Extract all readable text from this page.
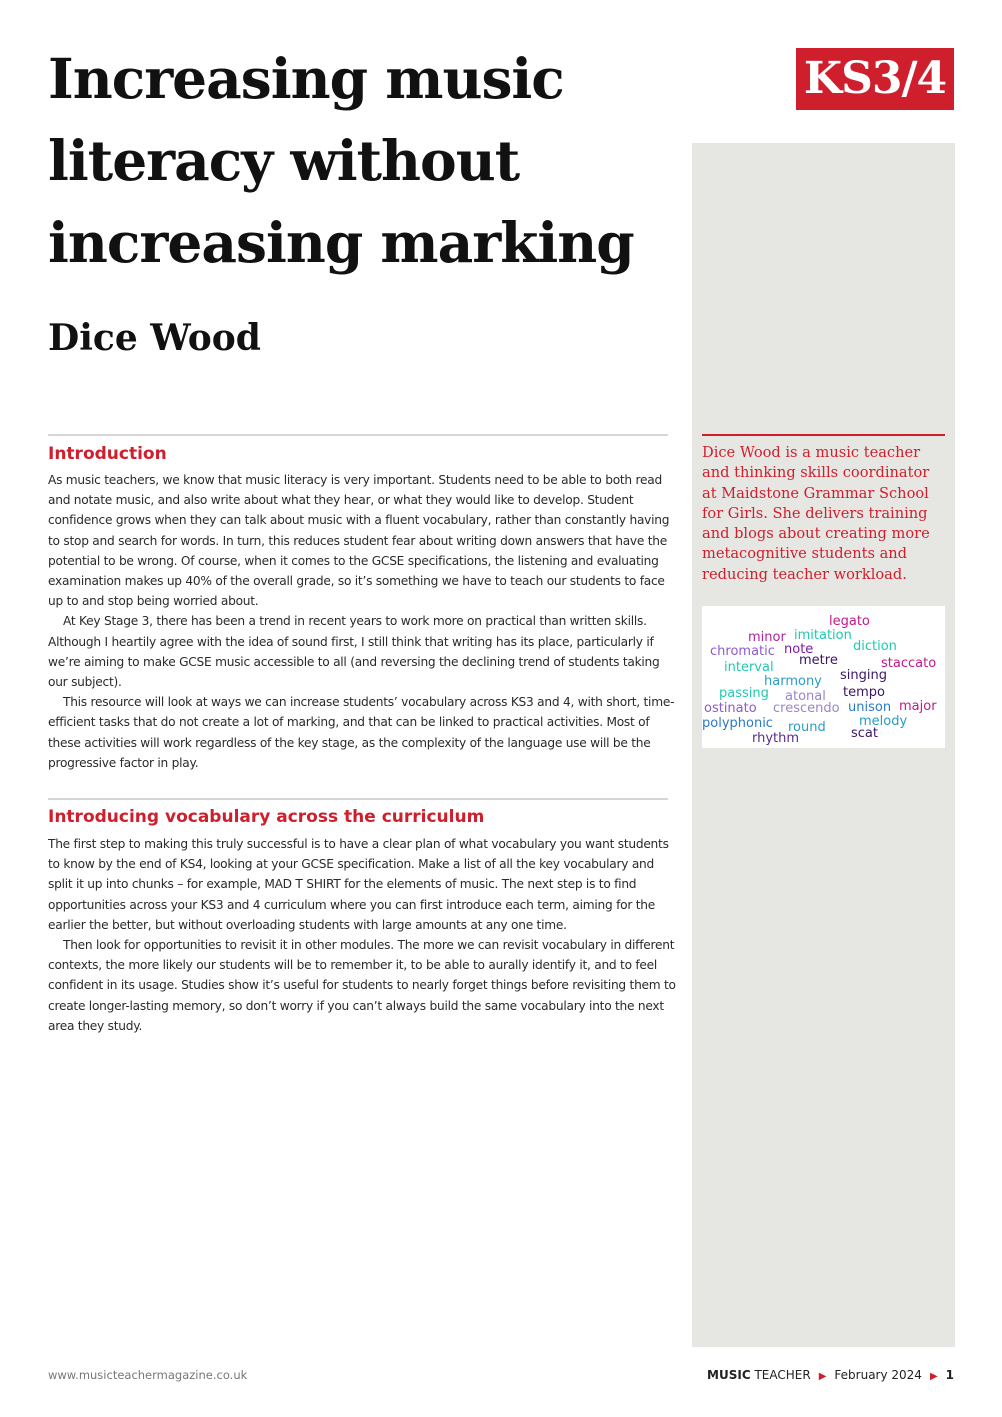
Increasing music literacy without increasing marking
Dice Wood
KS3/4

Dice Wood is a music teacher and thinking skills coordinator at Maidstone Grammar School for Girls. She delivers training and blogs about creating more metacognitive students and reducing teacher workload.

legato
minor imitation
chromatic note	diction
metre
interval	staccato
harmony singing
passing atonal tempo
ostinato crescendo unison major
polyphonic round	melody
rhythm	scat
Introduction

As music teachers, we know that music literacy is very important. Students need to be able to both read and notate music, and also write about what they hear, or what they would like to develop. Student confidence grows when they can talk about music with a fluent vocabulary, rather than constantly having to stop and search for words. In turn, this reduces student fear about writing down answers that have the potential to be wrong. Of course, when it comes to the GCSE specifications, the listening and evaluating examination makes up 40% of the overall grade, so it’s something we have to teach our students to face up to and stop being worried about.

At Key Stage 3, there has been a trend in recent years to work more on practical than written skills. Although I heartily agree with the idea of sound first, I still think that writing has its place, particularly if we’re aiming to make GCSE music accessible to all (and reversing the declining trend of students taking our subject).

This resource will look at ways we can increase students’ vocabulary across KS3 and 4, with short, time-efficient tasks that do not create a lot of marking, and that can be linked to practical activities. Most of these activities will work regardless of the key stage, as the complexity of the language use will be the progressive factor in play.

Introducing vocabulary across the curriculum

The first step to making this truly successful is to have a clear plan of what vocabulary you want students to know by the end of KS4, looking at your GCSE specification. Make a list of all the key vocabulary and split it up into chunks – for example, MAD T SHIRT for the elements of music. The next step is to find opportunities across your KS3 and 4 curriculum where you can first introduce each term, aiming for the earlier the better, but without overloading students with large amounts at any one time.

Then look for opportunities to revisit it in other modules. The more we can revisit vocabulary in different contexts, the more likely our students will be to remember it, to be able to aurally identify it, and to feel confident in its usage. Studies show it’s useful for students to nearly forget things before revisiting them to create longer-lasting memory, so don’t worry if you can’t always build the same vocabulary into the next area they study.

www.musicteachermagazine.co.uk	MUSIC TEACHER ▶ February 2024 ▶ 1
